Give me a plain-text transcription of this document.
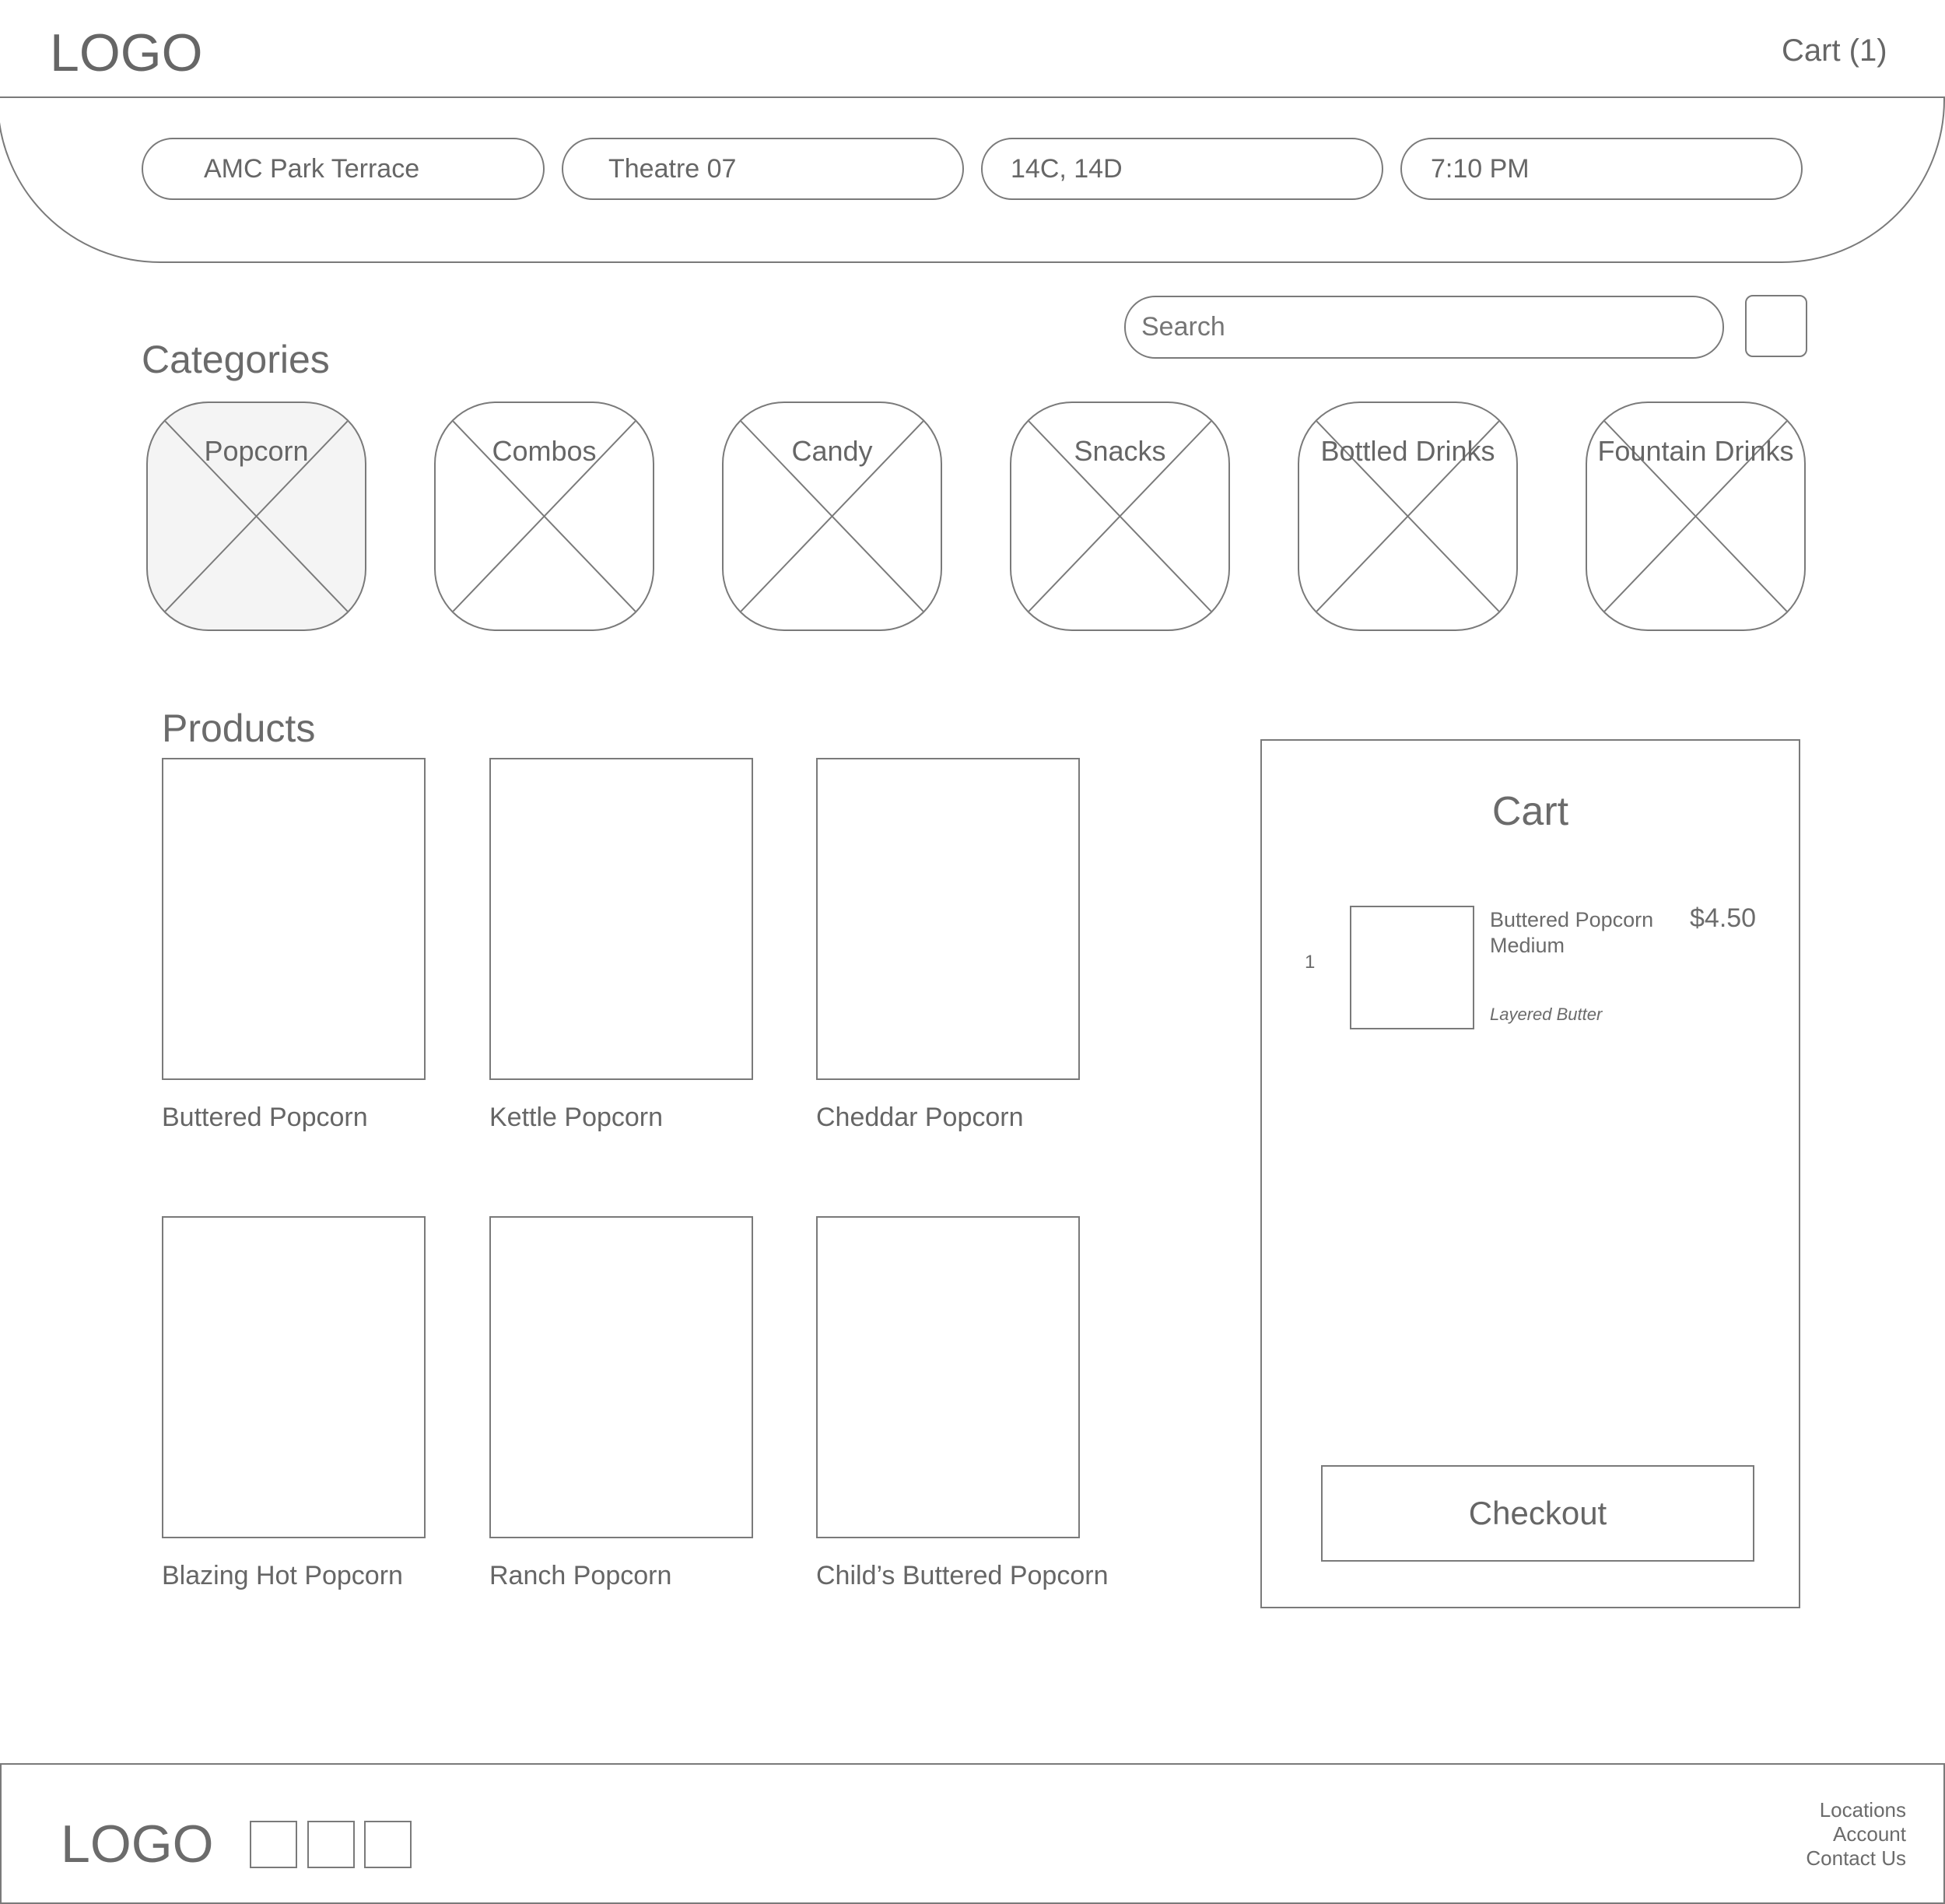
LOGO	Cart (1)
AMC Park Terrace	Theatre 07	14C, 14D	7:10 PM
Search
Categories
Popcorn	Combos	Candy	Snacks	Bottled Drinks	Fountain Drinks
Products
Buttered Popcorn	Kettle Popcorn	Cheddar Popcorn
Blazing Hot Popcorn	Ranch Popcorn	Child’s Buttered Popcorn
Cart
1
Buttered Popcorn
Medium
$4.50
Layered Butter
Checkout
LOGO
Locations
Account
Contact Us
